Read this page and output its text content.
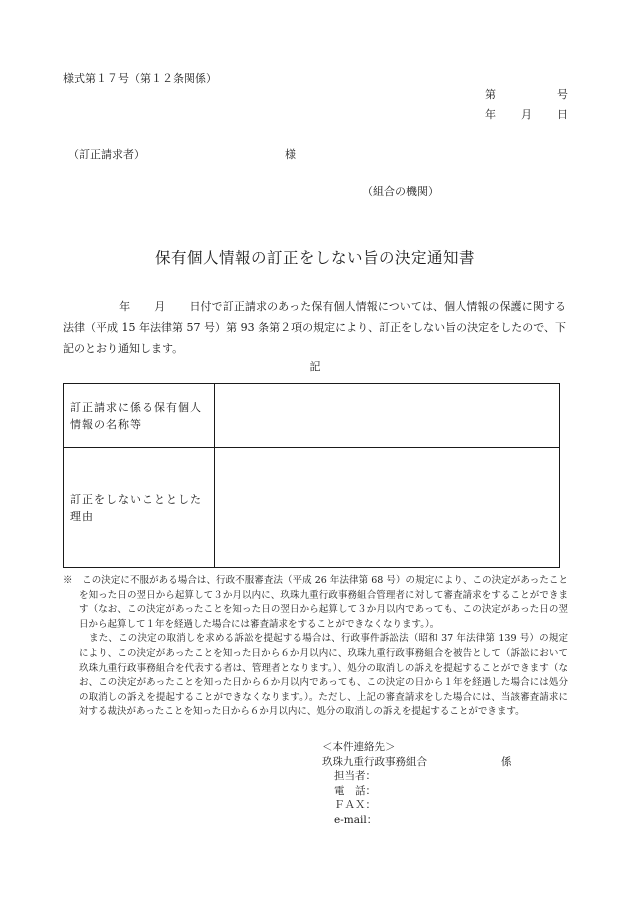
様式第１７号（第１２条関係）
第	号
年 月 日
（訂正請求者）	様
（組合の機関）
保有個人情報の訂正をしない旨の決定通知書
年 月 日付で訂正請求のあった保有個人情報については、個人情報の保護に関する法律（平成 15 年法律第 57 号）第 93 条第２項の規定により、訂正をしない旨の決定をしたので、下記のとおり通知します。
記
訂正請求に係る保有個人情報の名称等	
訂正をしないこととした理由	
※　この決定に不服がある場合は、行政不服審査法（平成 26 年法律第 68 号）の規定により、この決定があったことを知った日の翌日から起算して３か月以内に、玖珠九重行政事務組合管理者に対して審査請求をすることができます（なお、この決定があったことを知った日の翌日から起算して３か月以内であっても、この決定があった日の翌日から起算して１年を経過した場合には審査請求をすることができなくなります。）。
また、この決定の取消しを求める訴訟を提起する場合は、行政事件訴訟法（昭和 37 年法律第 139 号）の規定により、この決定があったことを知った日から６か月以内に、玖珠九重行政事務組合を被告として（訴訟において玖珠九重行政事務組合を代表する者は、管理者となります。）、処分の取消しの訴えを提起することができます（なお、この決定があったことを知った日から６か月以内であっても、この決定の日から１年を経過した場合には処分の取消しの訴えを提起することができなくなります。）。ただし、上記の審査請求をした場合には、当該審査請求に対する裁決があったことを知った日から６か月以内に、処分の取消しの訴えを提起することができます。
＜本件連絡先＞
玖珠九重行政事務組合	係
担当者：
電　話：
ＦＡＸ：
e-mail：
